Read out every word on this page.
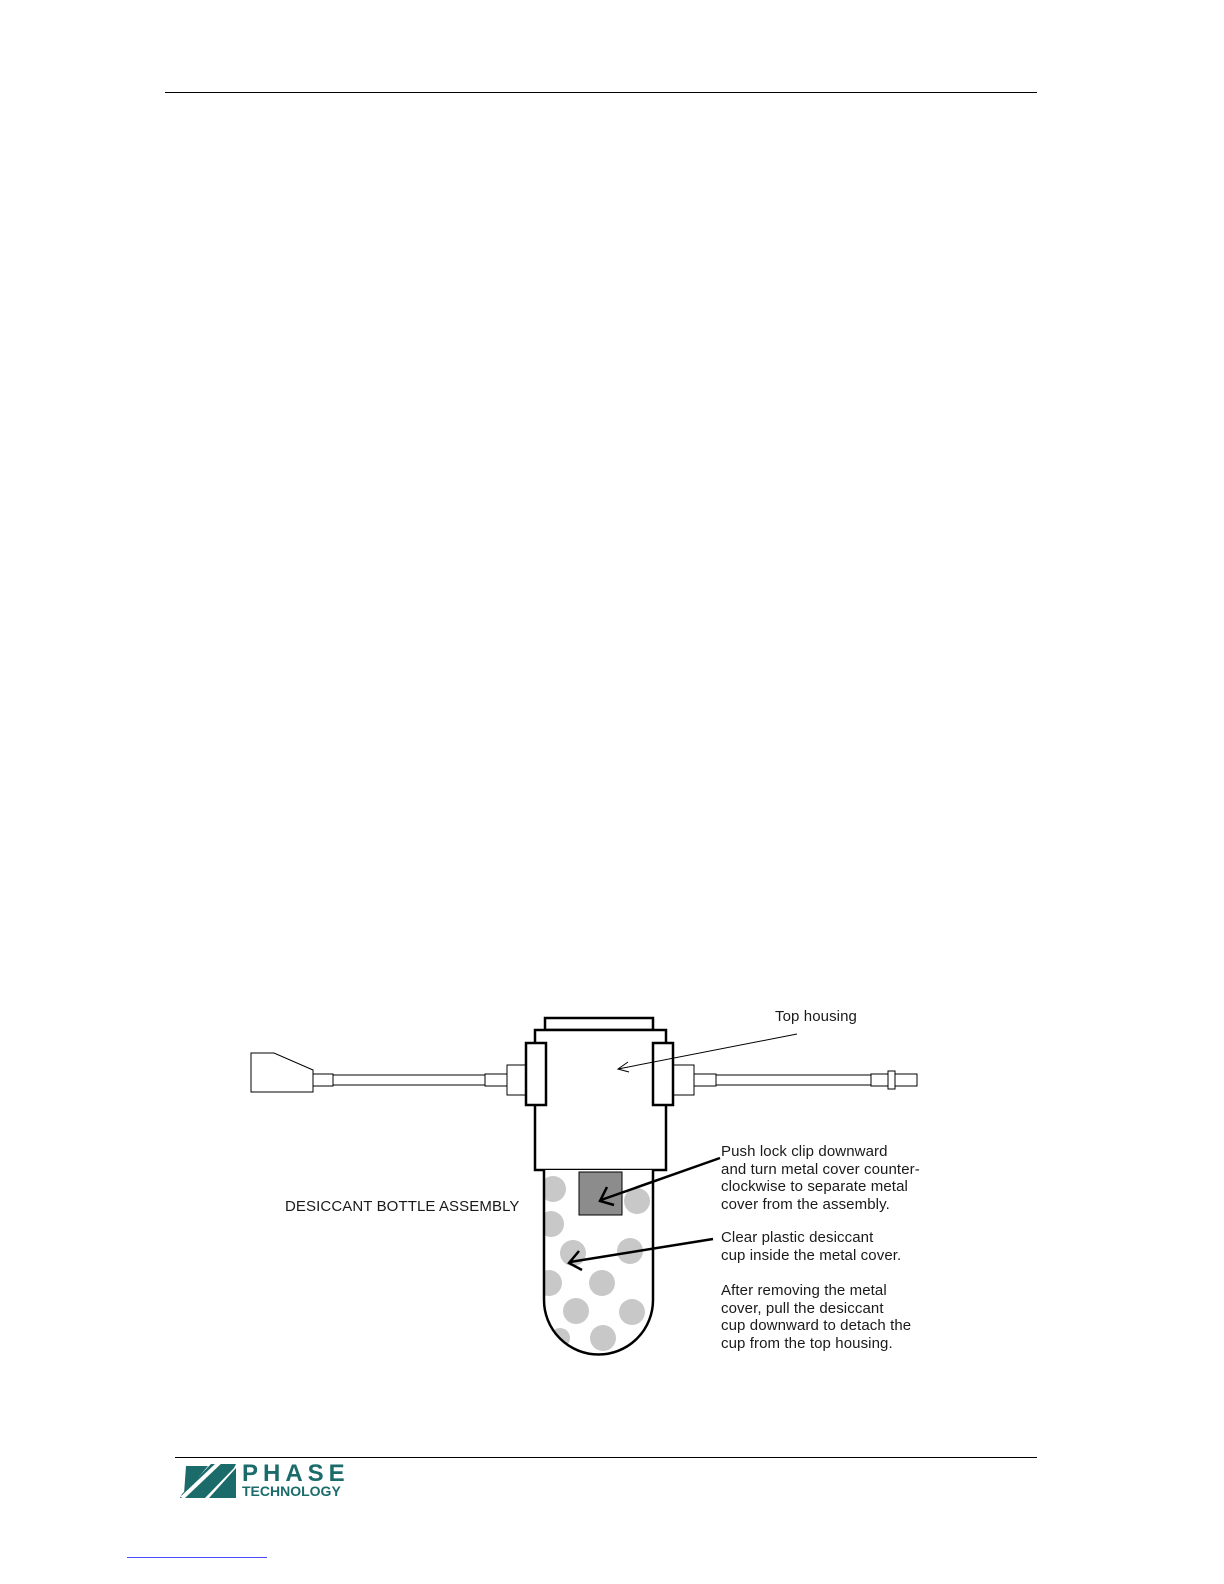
Top housing
Push lock clip downward
and turn metal cover counter-
clockwise to separate metal
cover from the assembly.
DESICCANT BOTTLE ASSEMBLY
Clear plastic desiccant
cup inside the metal cover.
After removing the metal
cover, pull the desiccant
cup downward to detach the
cup from the top housing.
PHASE
TECHNOLOGY
